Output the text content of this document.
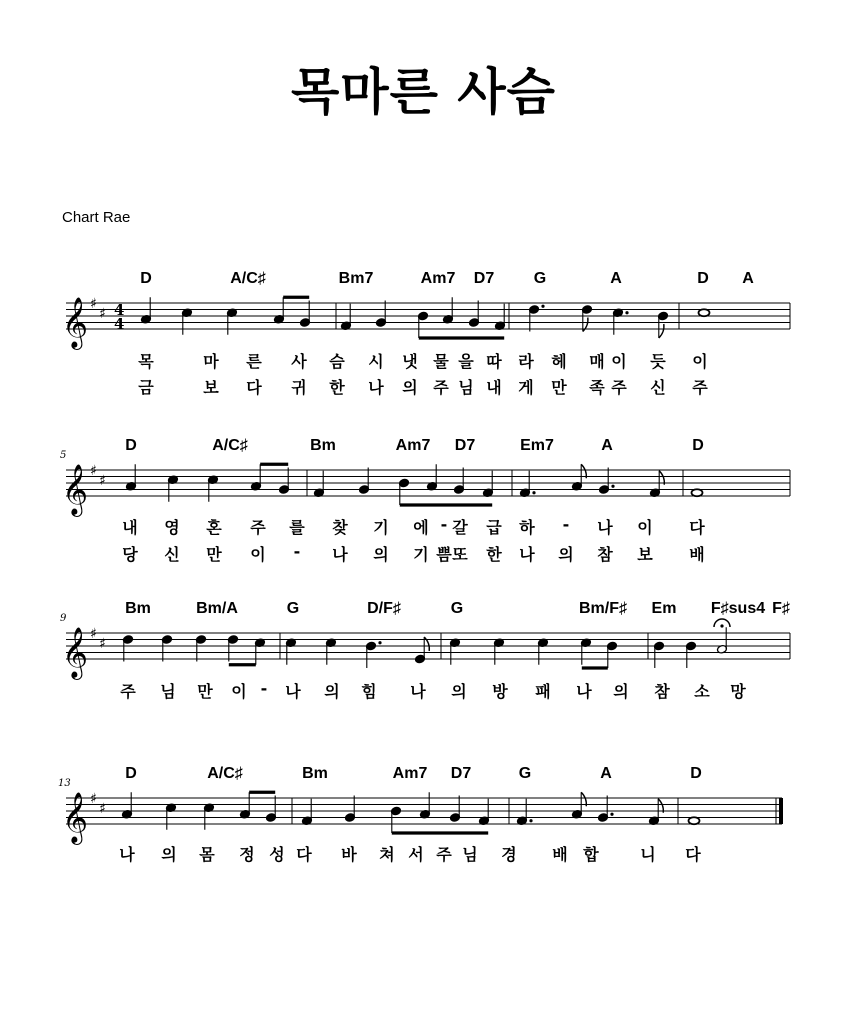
목마른 사슴
Chart Rae
𝄞 ♯
♯ 4
4
𝄞 ♯
♯
𝄞 ♯
♯
𝄞 ♯
♯
D	A/C♯	Bm7	Am7 D7 G	A	D A
목	마 른 사 슴 시 냇 물 을 따 라 헤 매 이 듯 이
금	보 다 귀 한 나 의 주 님 내 게 만 족 주 신 주
5
D	A/C♯	Bm	Am7 D7	Em7	A	D
내 영 혼 주 를 찾 기 에 - 갈 급 하 - 나 이 다
당 신 만 이 - 나 의 기 쁨 또 한 나 의 참 보 배
9
Bm	Bm/A	G	D/F♯	G	Bm/F♯ Em F♯sus4 F♯
주 님 만 이 - 나 의 힘 나 의 방 패 나 의 참 소 망
13
D	A/C♯	Bm	Am7 D7	G	A	D
나 의 몸 정 성 다 바 쳐 서 주 님 경 배 합	니 다
